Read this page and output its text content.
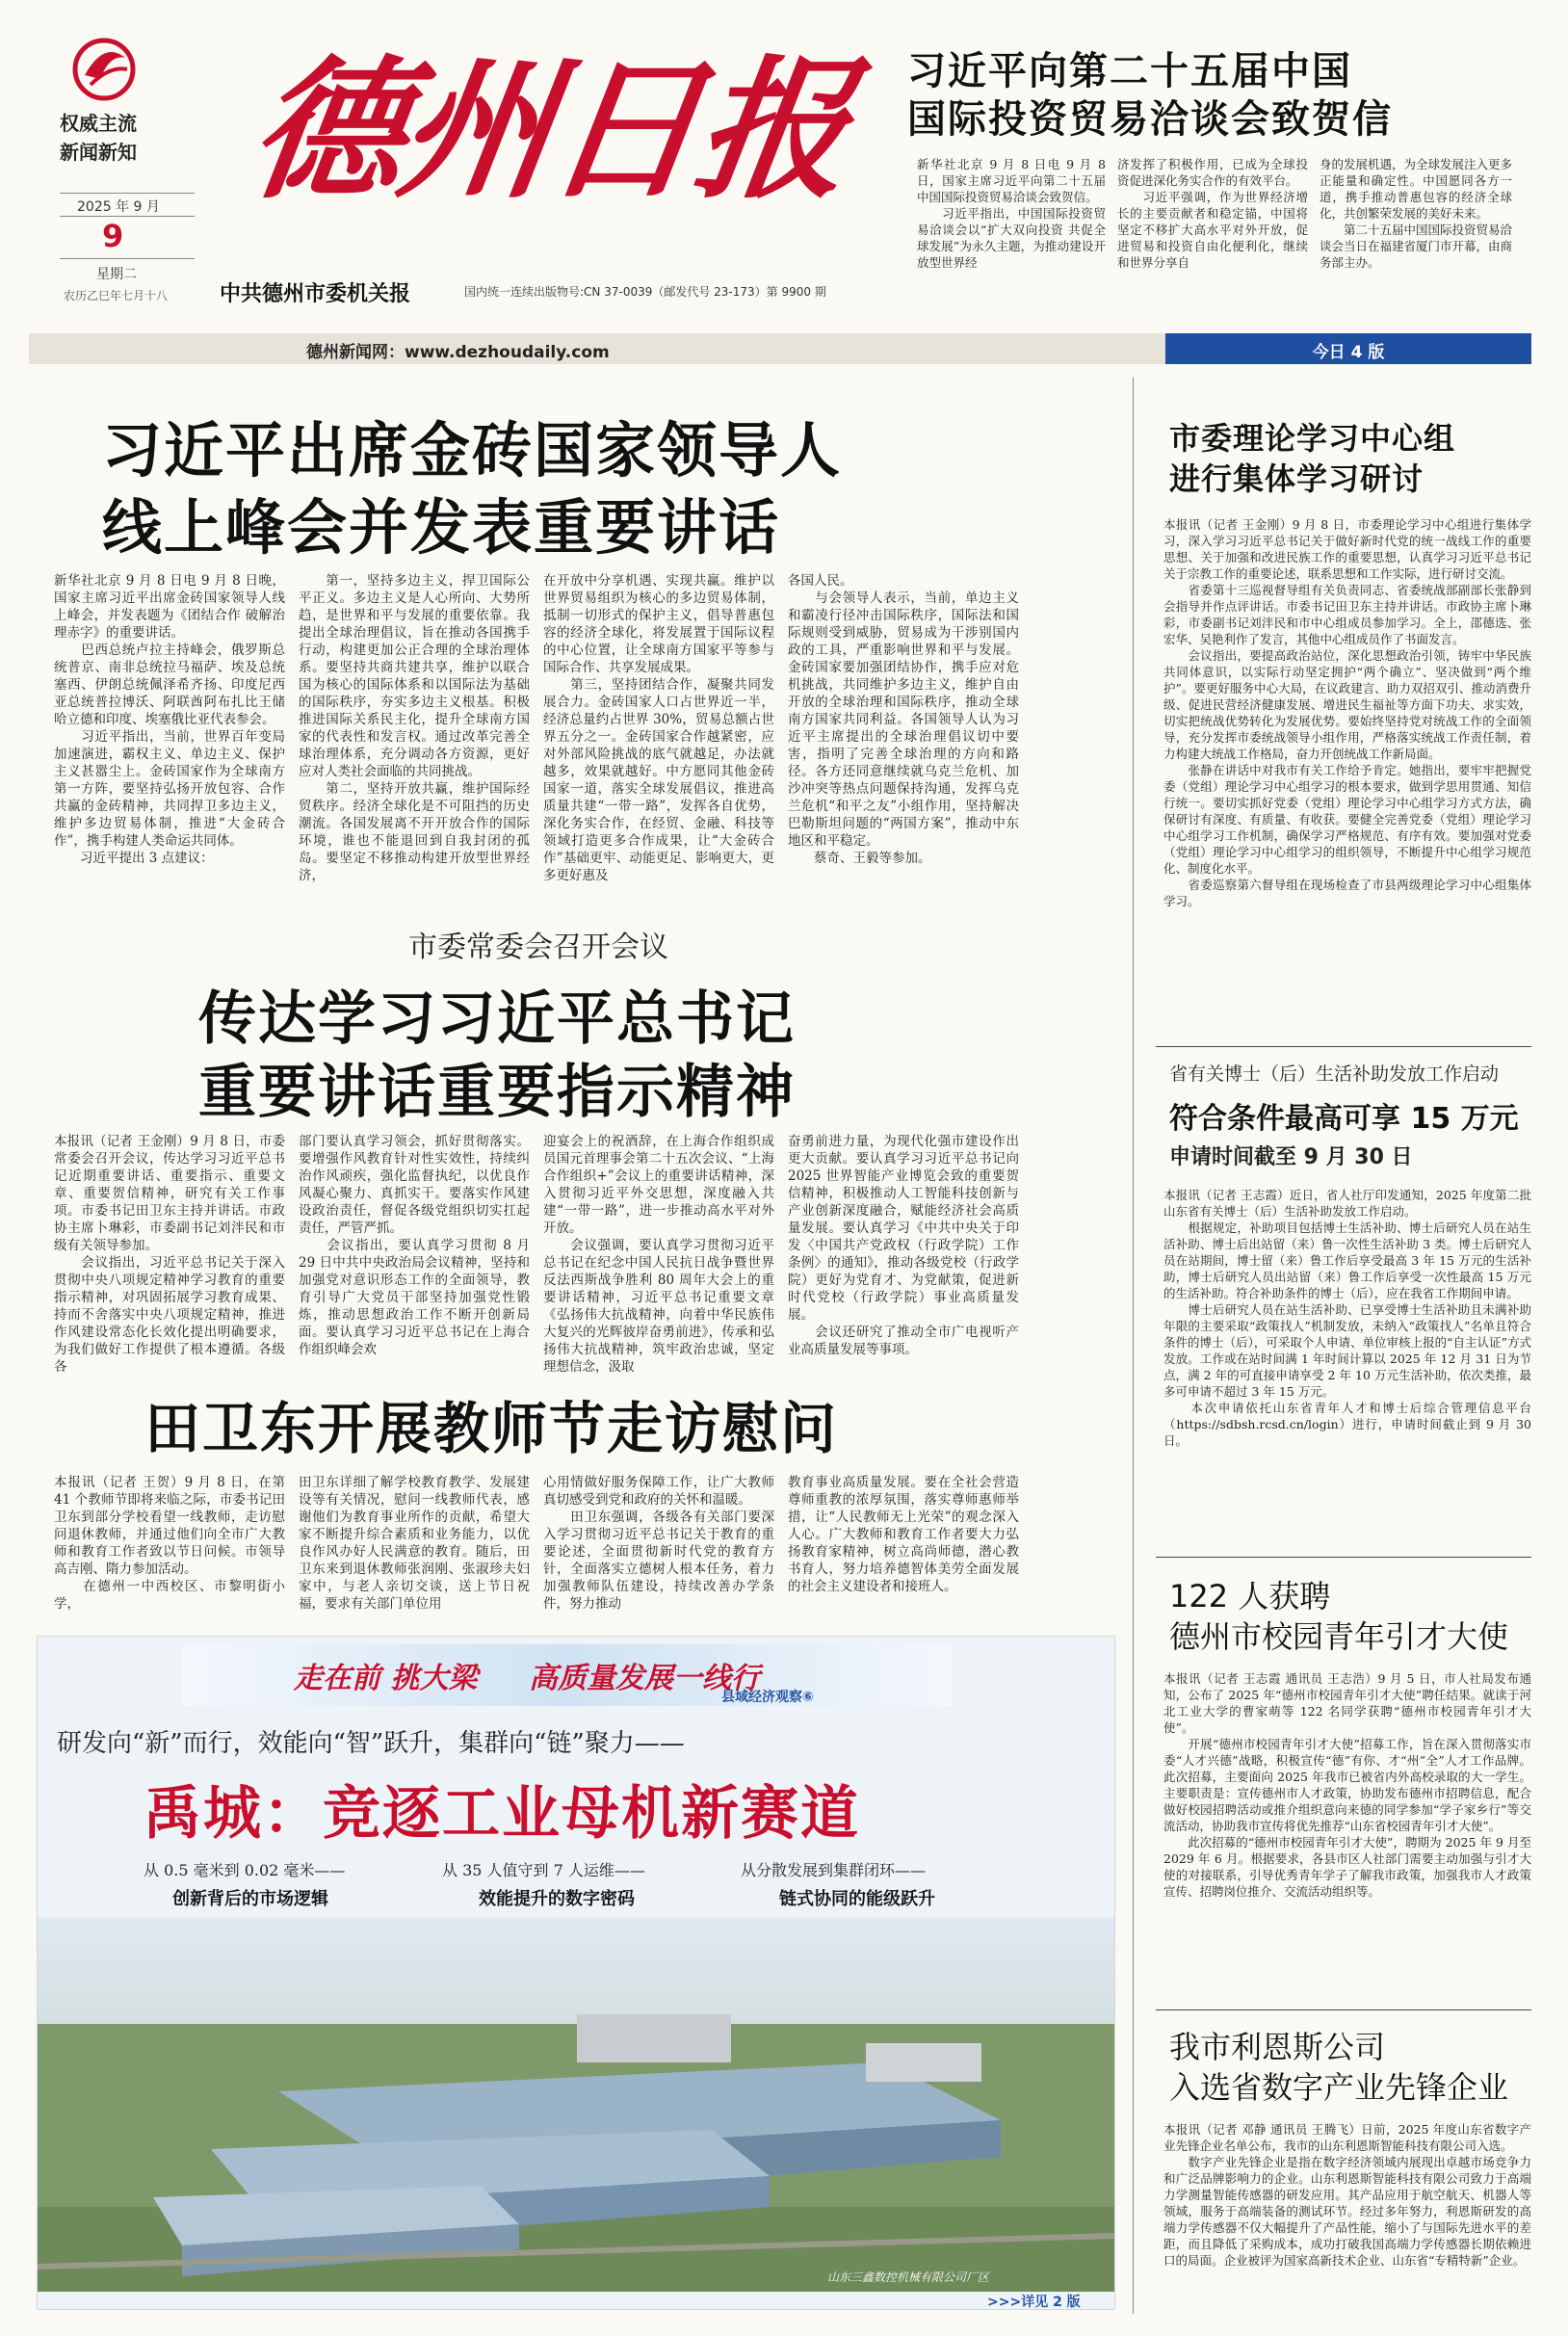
权威主流
新闻新知
2025 年 9 月
9
星期二
农历乙巳年七月十八
德州日报
中共德州市委机关报	国内统一连续出版物号:CN 37-0039（邮发代号 23-173）第 9900 期
习近平向第二十五届中国
国际投资贸易洽谈会致贺信
新华社北京 9 月 8 日电 9 月 8 日，国家主席习近平向第二十五届中国国际投资贸易洽谈会致贺信。
　　习近平指出，中国国际投资贸易洽谈会以“扩大双向投资 共促全球发展”为永久主题，为推动建设开放型世界经
济发挥了积极作用，已成为全球投资促进深化务实合作的有效平台。
　　习近平强调，作为世界经济增长的主要贡献者和稳定锚，中国将坚定不移扩大高水平对外开放，促进贸易和投资自由化便利化，继续和世界分享自
身的发展机遇，为全球发展注入更多正能量和确定性。中国愿同各方一道，携手推动普惠包容的经济全球化，共创繁荣发展的美好未来。
　　第二十五届中国国际投资贸易洽谈会当日在福建省厦门市开幕，由商务部主办。
德州新闻网：www.dezhoudaily.com	今日 4 版
习近平出席金砖国家领导人
线上峰会并发表重要讲话
新华社北京 9 月 8 日电 9 月 8 日晚，国家主席习近平出席金砖国家领导人线上峰会，并发表题为《团结合作 破解治理赤字》的重要讲话。
　　巴西总统卢拉主持峰会，俄罗斯总统普京、南非总统拉马福萨、埃及总统塞西、伊朗总统佩泽希齐扬、印度尼西亚总统普拉博沃、阿联酋阿布扎比王储哈立德和印度、埃塞俄比亚代表参会。
　　习近平指出，当前，世界百年变局加速演进，霸权主义、单边主义、保护主义甚嚣尘上。金砖国家作为全球南方第一方阵，要坚持弘扬开放包容、合作共赢的金砖精神，共同捍卫多边主义，维护多边贸易体制，推进“大金砖合作”，携手构建人类命运共同体。
　　习近平提出 3 点建议：
　　第一，坚持多边主义，捍卫国际公平正义。多边主义是人心所向、大势所趋，是世界和平与发展的重要依靠。我提出全球治理倡议，旨在推动各国携手行动，构建更加公正合理的全球治理体系。要坚持共商共建共享，维护以联合国为核心的国际体系和以国际法为基础的国际秩序，夯实多边主义根基。积极推进国际关系民主化，提升全球南方国家的代表性和发言权。通过改革完善全球治理体系，充分调动各方资源，更好应对人类社会面临的共同挑战。
　　第二，坚持开放共赢，维护国际经贸秩序。经济全球化是不可阻挡的历史潮流。各国发展离不开开放合作的国际环境，谁也不能退回到自我封闭的孤岛。要坚定不移推动构建开放型世界经济，
在开放中分享机遇、实现共赢。维护以世界贸易组织为核心的多边贸易体制，抵制一切形式的保护主义，倡导普惠包容的经济全球化，将发展置于国际议程的中心位置，让全球南方国家平等参与国际合作、共享发展成果。
　　第三，坚持团结合作，凝聚共同发展合力。金砖国家人口占世界近一半，经济总量约占世界 30%，贸易总额占世界五分之一。金砖国家合作越紧密，应对外部风险挑战的底气就越足，办法就越多，效果就越好。中方愿同其他金砖国家一道，落实全球发展倡议，推进高质量共建“一带一路”，发挥各自优势，深化务实合作，在经贸、金融、科技等领域打造更多合作成果，让“大金砖合作”基础更牢、动能更足、影响更大，更多更好惠及
各国人民。
　　与会领导人表示，当前，单边主义和霸凌行径冲击国际秩序，国际法和国际规则受到威胁，贸易成为干涉别国内政的工具，严重影响世界和平与发展。金砖国家要加强团结协作，携手应对危机挑战，共同维护多边主义，维护自由开放的全球治理和国际秩序，推动全球南方国家共同利益。各国领导人认为习近平主席提出的全球治理倡议切中要害，指明了完善全球治理的方向和路径。各方还同意继续就乌克兰危机、加沙冲突等热点问题保持沟通，发挥乌克兰危机“和平之友”小组作用，坚持解决巴勒斯坦问题的“两国方案”，推动中东地区和平稳定。
　　蔡奇、王毅等参加。
市委常委会召开会议
传达学习习近平总书记
重要讲话重要指示精神
本报讯（记者 王金刚）9 月 8 日，市委常委会召开会议，传达学习习近平总书记近期重要讲话、重要指示、重要文章、重要贺信精神，研究有关工作事项。市委书记田卫东主持并讲话。市政协主席卜琳彩，市委副书记刘泮民和市级有关领导参加。
　　会议指出，习近平总书记关于深入贯彻中央八项规定精神学习教育的重要指示精神，对巩固拓展学习教育成果、持而不舍落实中央八项规定精神，推进作风建设常态化长效化提出明确要求，为我们做好工作提供了根本遵循。各级各
部门要认真学习领会，抓好贯彻落实。要增强作风教育针对性实效性，持续纠治作风顽疾，强化监督执纪，以优良作风凝心聚力、真抓实干。要落实作风建设政治责任，督促各级党组织切实扛起责任，严管严抓。
　　会议指出，要认真学习贯彻 8 月 29 日中共中央政治局会议精神，坚持和加强党对意识形态工作的全面领导，教育引导广大党员干部坚持加强党性锻炼，推动思想政治工作不断开创新局面。要认真学习习近平总书记在上海合作组织峰会欢
迎宴会上的祝酒辞，在上海合作组织成员国元首理事会第二十五次会议、“上海合作组织+”会议上的重要讲话精神，深入贯彻习近平外交思想，深度融入共建“一带一路”，进一步推动高水平对外开放。
　　会议强调，要认真学习贯彻习近平总书记在纪念中国人民抗日战争暨世界反法西斯战争胜利 80 周年大会上的重要讲话精神，习近平总书记重要文章《弘扬伟大抗战精神，向着中华民族伟大复兴的光辉彼岸奋勇前进》，传承和弘扬伟大抗战精神，筑牢政治忠诚，坚定理想信念，汲取
奋勇前进力量，为现代化强市建设作出更大贡献。要认真学习习近平总书记向 2025 世界智能产业博览会致的重要贺信精神，积极推动人工智能科技创新与产业创新深度融合，赋能经济社会高质量发展。要认真学习《中共中央关于印发〈中国共产党政权（行政学院）工作条例〉的通知》，推动各级党校（行政学院）更好为党育才、为党献策，促进新时代党校（行政学院）事业高质量发展。
　　会议还研究了推动全市广电视听产业高质量发展等事项。
田卫东开展教师节走访慰问
本报讯（记者 王贺）9 月 8 日，在第 41 个教师节即将来临之际，市委书记田卫东到部分学校看望一线教师，走访慰问退休教师，并通过他们向全市广大教师和教育工作者致以节日问候。市领导高吉刚、隋力参加活动。
　　在德州一中西校区、市黎明街小学，
田卫东详细了解学校教育教学、发展建设等有关情况，慰问一线教师代表，感谢他们为教育事业所作的贡献，希望大家不断提升综合素质和业务能力，以优良作风办好人民满意的教育。随后，田卫东来到退休教师张润刚、张淑珍夫妇家中，与老人亲切交谈，送上节日祝福，要求有关部门单位用
心用情做好服务保障工作，让广大教师真切感受到党和政府的关怀和温暖。
　　田卫东强调，各级各有关部门要深入学习贯彻习近平总书记关于教育的重要论述，全面贯彻新时代党的教育方针，全面落实立德树人根本任务，着力加强教师队伍建设，持续改善办学条件，努力推动
教育事业高质量发展。要在全社会营造尊师重教的浓厚氛围，落实尊师惠师举措，让“人民教师无上光荣”的观念深入人心。广大教师和教育工作者要大力弘扬教育家精神，树立高尚师德，潜心教书育人，努力培养德智体美劳全面发展的社会主义建设者和接班人。
走在前 挑大梁 高质量发展一线行
县域经济观察⑥
研发向“新”而行，效能向“智”跃升，集群向“链”聚力——
禹城：竞逐工业母机新赛道
从 0.5 毫米到 0.02 毫米——
创新背后的市场逻辑
从 35 人值守到 7 人运维——
效能提升的数字密码
从分散发展到集群闭环——
链式协同的能级跃升
山东三鑫数控机械有限公司厂区
>>>详见 2 版
市委理论学习中心组
进行集体学习研讨
本报讯（记者 王金刚）9 月 8 日，市委理论学习中心组进行集体学习，深入学习习近平总书记关于做好新时代党的统一战线工作的重要思想、关于加强和改进民族工作的重要思想，认真学习习近平总书记关于宗教工作的重要论述，联系思想和工作实际，进行研讨交流。
　　省委第十三巡视督导组有关负责同志、省委统战部副部长张静到会指导并作点评讲话。市委书记田卫东主持并讲话。市政协主席卜琳彩，市委副书记刘泮民和市中心组成员参加学习。全上，邵德选、张宏华、吴艳利作了发言，其他中心组成员作了书面发言。
　　会议指出，要提高政治站位，深化思想政治引领，铸牢中华民族共同体意识，以实际行动坚定拥护“两个确立”、坚决做到“两个维护”。要更好服务中心大局，在议政建言、助力双招双引、推动消费升级、促进民营经济健康发展、增进民生福祉等方面下功夫、求实效，切实把统战优势转化为发展优势。要始终坚持党对统战工作的全面领导，充分发挥市委统战领导小组作用，严格落实统战工作责任制，着力构建大统战工作格局，奋力开创统战工作新局面。
　　张静在讲话中对我市有关工作给予肯定。她指出，要牢牢把握党委（党组）理论学习中心组学习的根本要求，做到学思用贯通、知信行统一。要切实抓好党委（党组）理论学习中心组学习方式方法，确保研讨有深度、有质量、有收获。要健全完善党委（党组）理论学习中心组学习工作机制，确保学习严格规范、有序有效。要加强对党委（党组）理论学习中心组学习的组织领导，不断提升中心组学习规范化、制度化水平。
　　省委巡察第六督导组在现场检查了市县两级理论学习中心组集体学习。
省有关博士（后）生活补助发放工作启动
符合条件最高可享 15 万元
申请时间截至 9 月 30 日
本报讯（记者 王志霞）近日，省人社厅印发通知，2025 年度第二批山东省有关博士（后）生活补助发放工作启动。
　　根据规定，补助项目包括博士生活补助、博士后研究人员在站生活补助、博士后出站留（来）鲁一次性生活补助 3 类。博士后研究人员在站期间，博士留（来）鲁工作后享受最高 3 年 15 万元的生活补助，博士后研究人员出站留（来）鲁工作后享受一次性最高 15 万元的生活补助。符合补助条件的博士（后），应在我省工作期间申请。
　　博士后研究人员在站生活补助、已享受博士生活补助且未满补助年限的主要采取“政策找人”机制发放，未纳入“政策找人”名单且符合条件的博士（后），可采取个人申请、单位审核上报的“自主认证”方式发放。工作或在站时间满 1 年时间计算以 2025 年 12 月 31 日为节点，满 2 年的可直接申请享受 2 年 10 万元生活补助，依次类推，最多可申请不超过 3 年 15 万元。
　　本次申请依托山东省青年人才和博士后综合管理信息平台（https://sdbsh.rcsd.cn/login）进行，申请时间截止到 9 月 30 日。
122 人获聘
德州市校园青年引才大使
本报讯（记者 王志霞 通讯员 王志浩）9 月 5 日，市人社局发布通知，公布了 2025 年“德州市校园青年引才大使”聘任结果。就读于河北工业大学的曹家萌等 122 名同学获聘“德州市校园青年引才大使”。
　　开展“德州市校园青年引才大使”招募工作，旨在深入贯彻落实市委“人才兴德”战略，积极宣传“德”有你、才“州”全”人才工作品牌。此次招募，主要面向 2025 年我市已被省内外高校录取的大一学生。主要职责是：宣传德州市人才政策，协助发布德州市招聘信息，配合做好校园招聘活动或推介组织意向来德的同学参加“学子家乡行”等交流活动，协助我市宣传将优先推荐“山东省校园青年引才大使”。
　　此次招募的“德州市校园青年引才大使”，聘期为 2025 年 9 月至 2029 年 6 月。根据要求，各县市区人社部门需要主动加强与引才大使的对接联系，引导优秀青年学子了解我市政策，加强我市人才政策宣传、招聘岗位推介、交流活动组织等。
我市利恩斯公司
入选省数字产业先锋企业
本报讯（记者 邓静 通讯员 王腾飞）日前，2025 年度山东省数字产业先锋企业名单公布，我市的山东利恩斯智能科技有限公司入选。
　　数字产业先锋企业是指在数字经济领域内展现出卓越市场竞争力和广泛品牌影响力的企业。山东利恩斯智能科技有限公司致力于高端力学测量智能传感器的研发应用。其产品应用于航空航天、机器人等领域，服务于高端装备的测试环节。经过多年努力，利恩斯研发的高端力学传感器不仅大幅提升了产品性能，缩小了与国际先进水平的差距，而且降低了采购成本，成功打破我国高端力学传感器长期依赖进口的局面。企业被评为国家高新技术企业、山东省“专精特新”企业。
